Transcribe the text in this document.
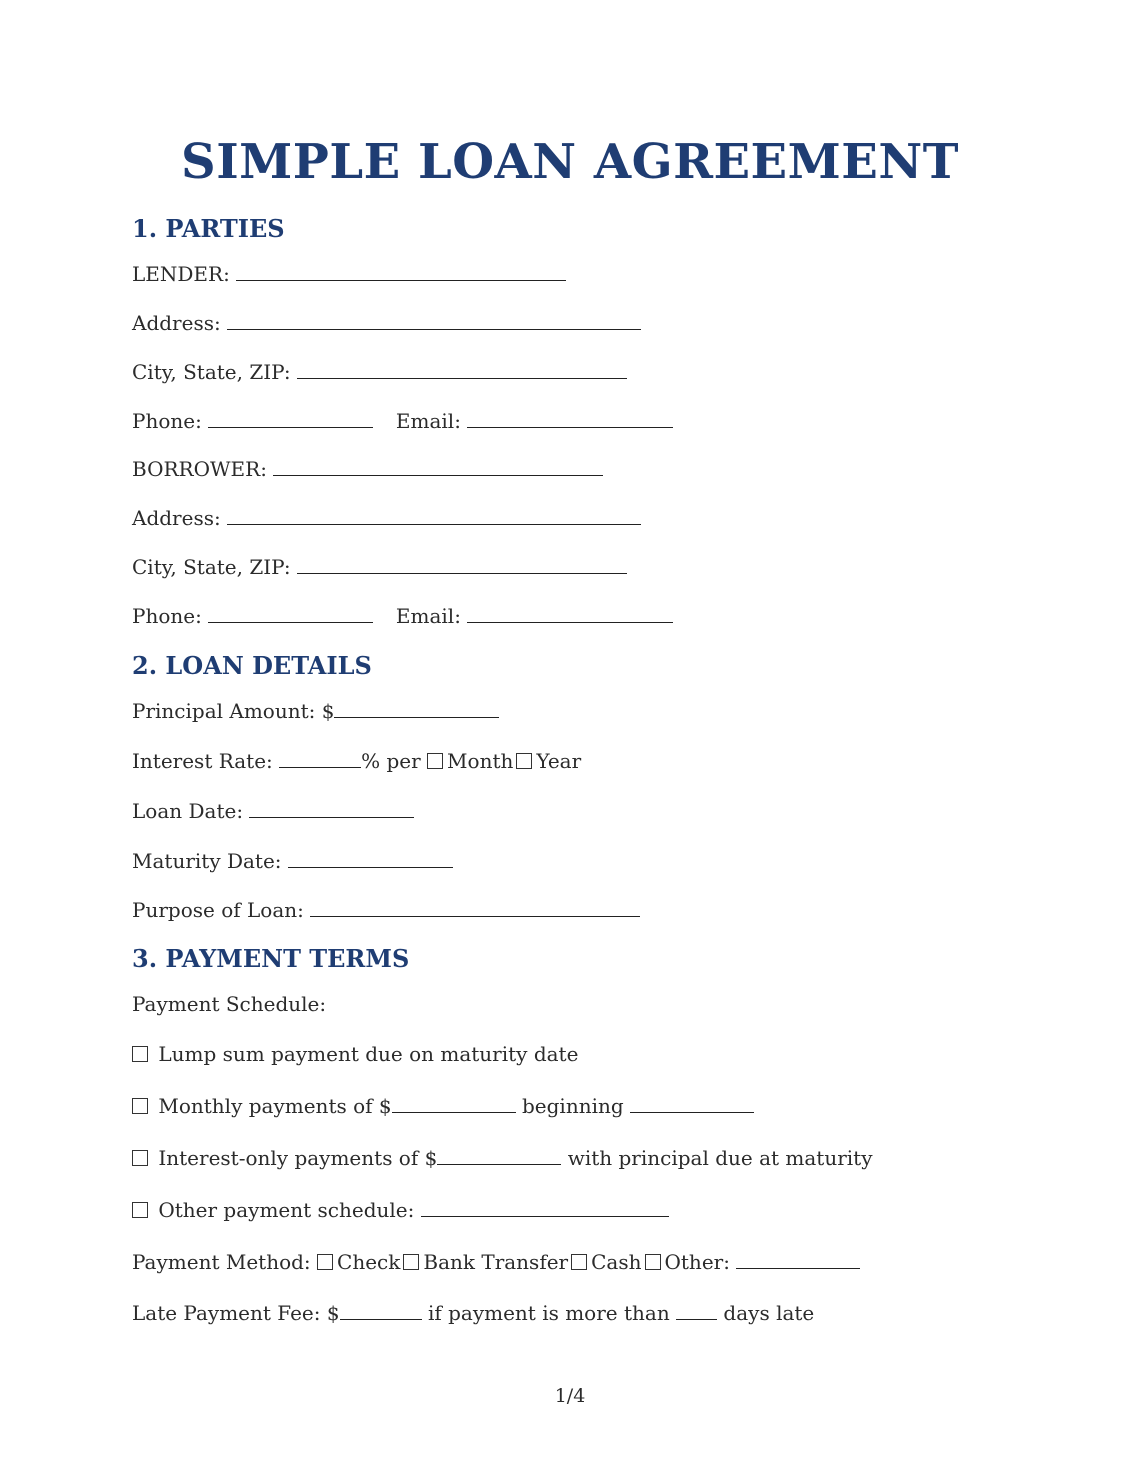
SIMPLE LOAN AGREEMENT
1. PARTIES
LENDER:
Address:
City, State, ZIP:
Phone:	Email:
BORROWER:
Address:
City, State, ZIP:
Phone:	Email:
2. LOAN DETAILS
Principal Amount: $
Interest Rate:	% per Month Year
Loan Date:
Maturity Date:
Purpose of Loan:
3. PAYMENT TERMS
Payment Schedule:
Lump sum payment due on maturity date
Monthly payments of $	beginning
Interest-only payments of $	with principal due at maturity
Other payment schedule:
Payment Method: Check Bank Transfer Cash Other:
Late Payment Fee: $	if payment is more than	days late
1/4
